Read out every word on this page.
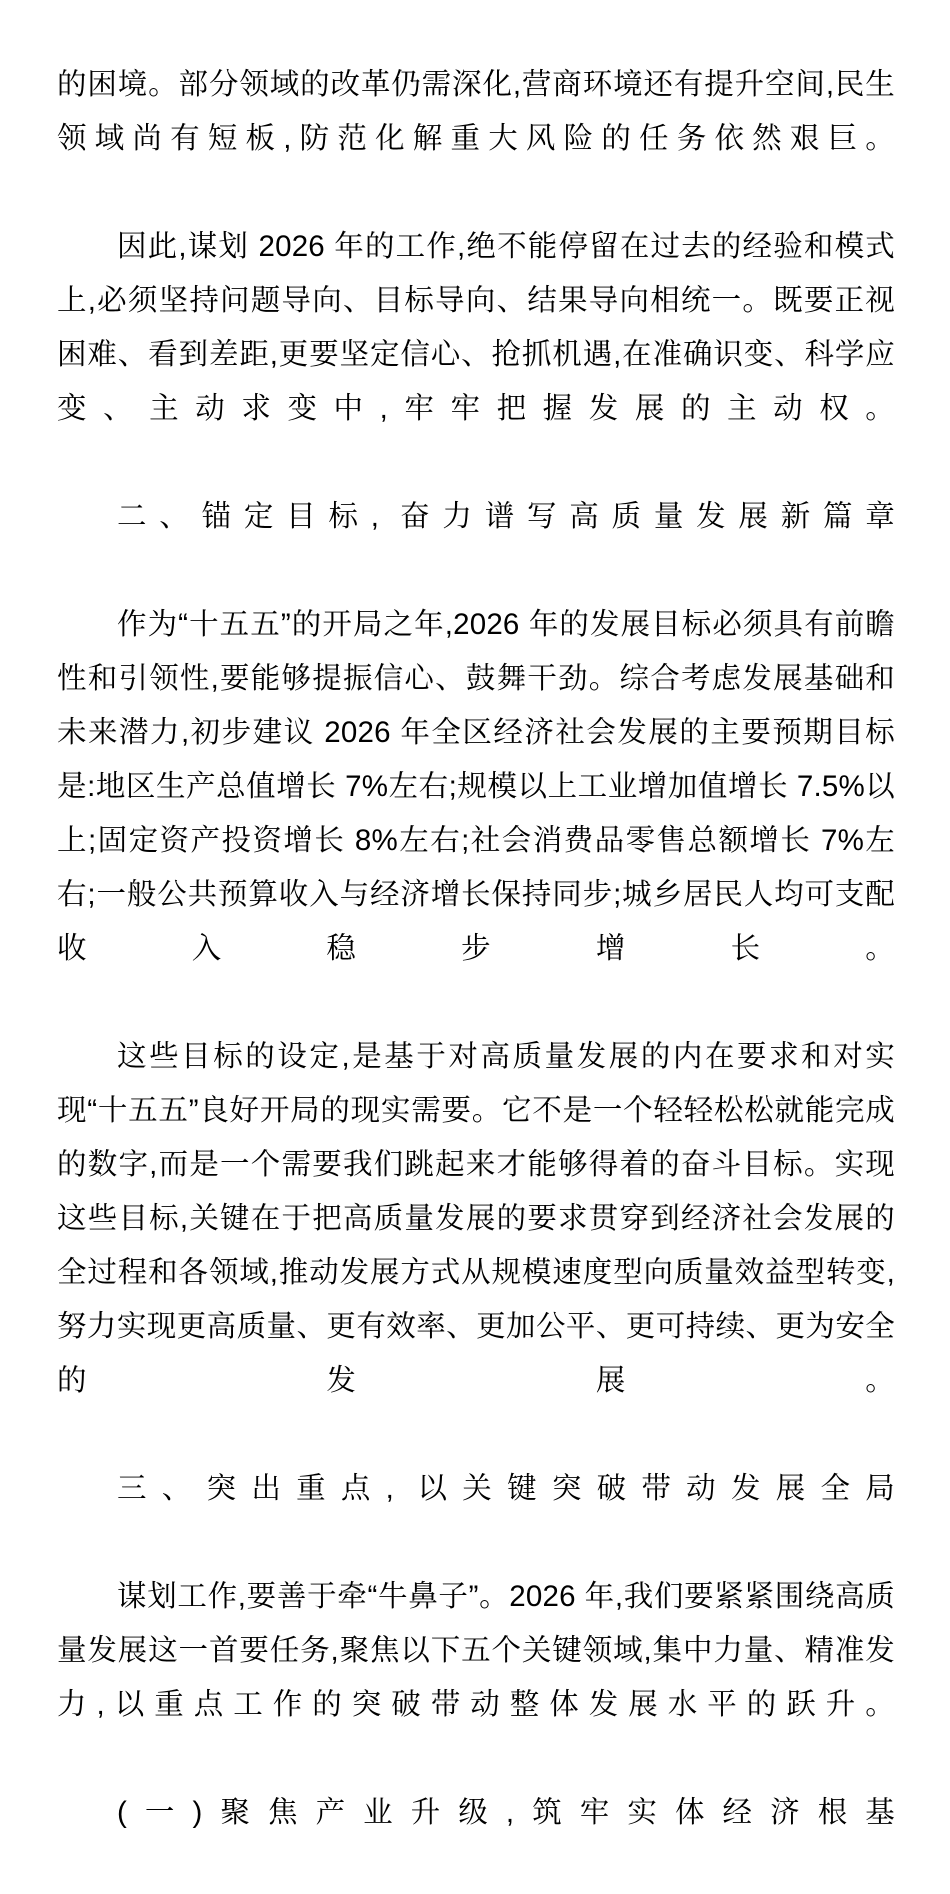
的困境。部分领域的改革仍需深化,营商环境还有提升空间,民生领域尚有短板,防范化解重大风险的任务依然艰巨。

因此,谋划 2026 年的工作,绝不能停留在过去的经验和模式上,必须坚持问题导向、目标导向、结果导向相统一。既要正视困难、看到差距,更要坚定信心、抢抓机遇,在准确识变、科学应变、主动求变中,牢牢把握发展的主动权。

二、锚定目标, 奋力谱写高质量发展新篇章

作为“十五五”的开局之年,2026 年的发展目标必须具有前瞻性和引领性,要能够提振信心、鼓舞干劲。综合考虑发展基础和未来潜力,初步建议 2026 年全区经济社会发展的主要预期目标是:地区生产总值增长 7%左右;规模以上工业增加值增长 7.5%以上;固定资产投资增长 8%左右;社会消费品零售总额增长 7%左右;一般公共预算收入与经济增长保持同步;城乡居民人均可支配收入稳步增长。

这些目标的设定,是基于对高质量发展的内在要求和对实现“十五五”良好开局的现实需要。它不是一个轻轻松松就能完成的数字,而是一个需要我们跳起来才能够得着的奋斗目标。实现这些目标,关键在于把高质量发展的要求贯穿到经济社会发展的全过程和各领域,推动发展方式从规模速度型向质量效益型转变,努力实现更高质量、更有效率、更加公平、更可持续、更为安全的发展。

三、突出重点, 以关键突破带动发展全局

谋划工作,要善于牵“牛鼻子”。2026 年,我们要紧紧围绕高质量发展这一首要任务,聚焦以下五个关键领域,集中力量、精准发力,以重点工作的突破带动整体发展水平的跃升。

(一)聚焦产业升级,筑牢实体经济根基
